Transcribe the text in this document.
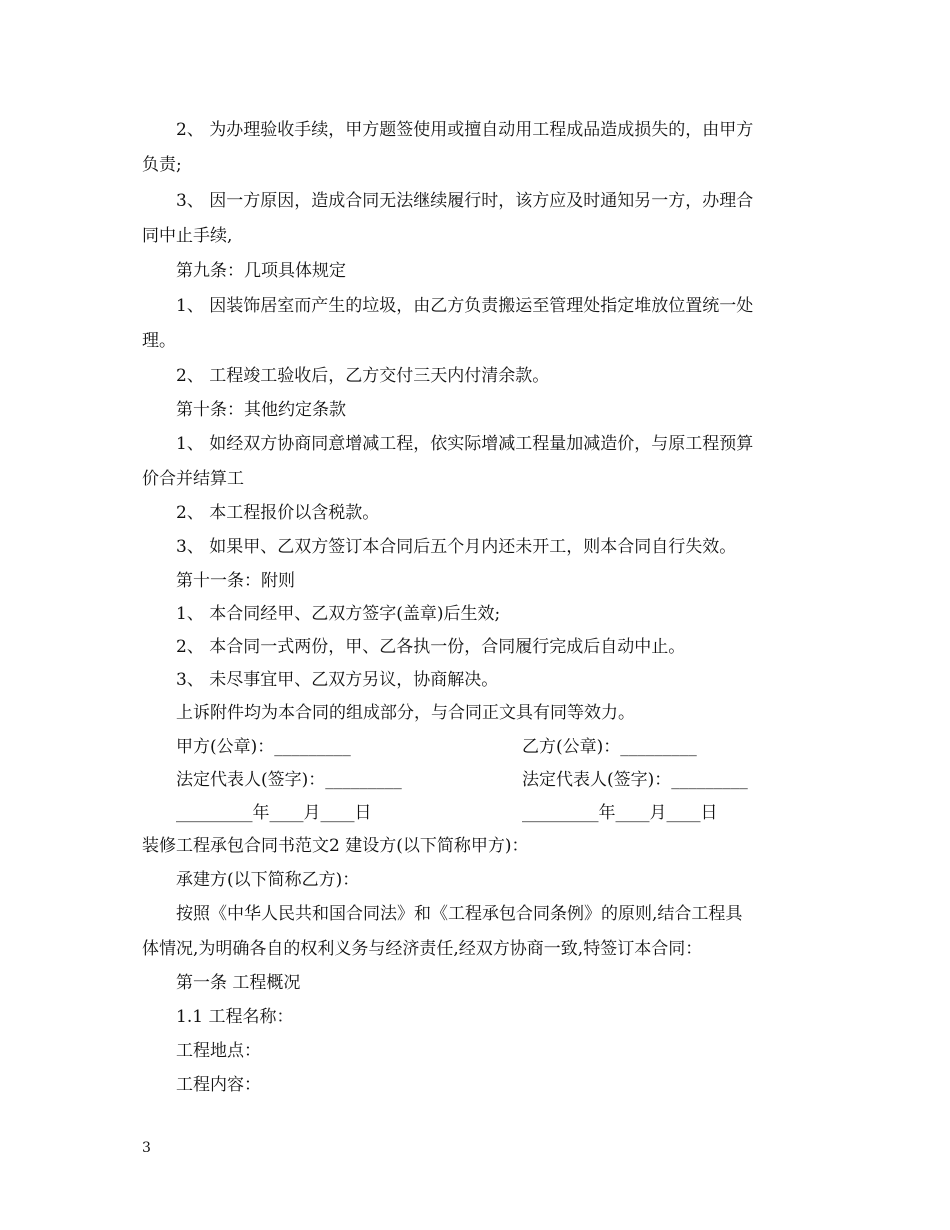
2、 为办理验收手续，甲方题签使用或擅自动用工程成品造成损失的，由甲方
负责;
3、 因一方原因，造成合同无法继续履行时，该方应及时通知另一方，办理合
同中止手续,
第九条：几项具体规定
1、 因装饰居室而产生的垃圾，由乙方负责搬运至管理处指定堆放位置统一处
理。
2、 工程竣工验收后，乙方交付三天内付清余款。
第十条：其他约定条款
1、 如经双方协商同意增减工程，依实际增减工程量加减造价，与原工程预算
价合并结算工
2、 本工程报价以含税款。
3、 如果甲、乙双方签订本合同后五个月内还未开工，则本合同自行失效。
第十一条：附则
1、 本合同经甲、乙双方签字(盖章)后生效;
2、 本合同一式两份，甲、乙各执一份，合同履行完成后自动中止。
3、 未尽事宜甲、乙双方另议，协商解决。
上诉附件均为本合同的组成部分，与合同正文具有同等效力。
甲方(公章)：_________	乙方(公章)：_________
法定代表人(签字)：_________	法定代表人(签字)：_________
_________年____月____日	_________年____月____日
装修工程承包合同书范文2 建设方(以下简称甲方)：
承建方(以下简称乙方)：
按照《中华人民共和国合同法》和《工程承包合同条例》的原则,结合工程具
体情况,为明确各自的权利义务与经济责任,经双方协商一致,特签订本合同：
第一条 工程概况
1.1 工程名称：
工程地点：
工程内容：
3
